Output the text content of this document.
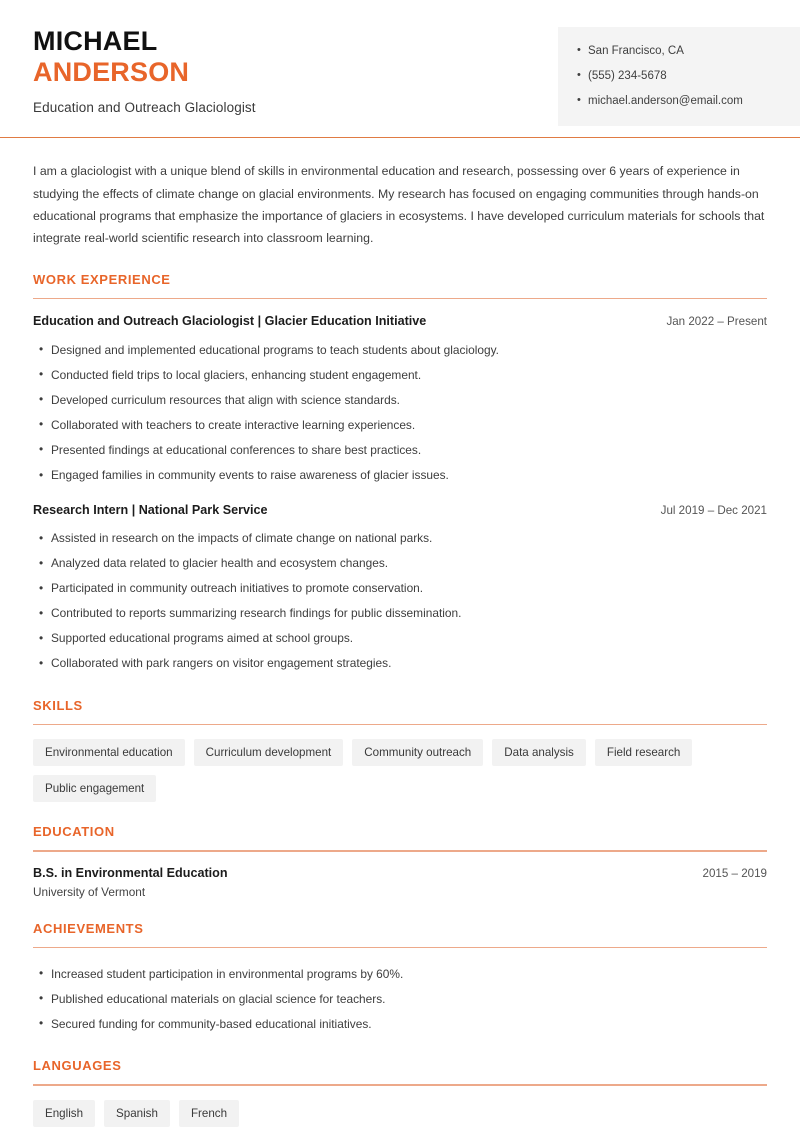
MICHAEL
ANDERSON
Education and Outreach Glaciologist
• San Francisco, CA
• (555) 234-5678
• michael.anderson@email.com
I am a glaciologist with a unique blend of skills in environmental education and research, possessing over 6 years of experience in studying the effects of climate change on glacial environments. My research has focused on engaging communities through hands-on educational programs that emphasize the importance of glaciers in ecosystems. I have developed curriculum materials for schools that integrate real-world scientific research into classroom learning.
WORK EXPERIENCE
Education and Outreach Glaciologist | Glacier Education Initiative	Jan 2022 – Present
• Designed and implemented educational programs to teach students about glaciology.
• Conducted field trips to local glaciers, enhancing student engagement.
• Developed curriculum resources that align with science standards.
• Collaborated with teachers to create interactive learning experiences.
• Presented findings at educational conferences to share best practices.
• Engaged families in community events to raise awareness of glacier issues.
Research Intern | National Park Service	Jul 2019 – Dec 2021
• Assisted in research on the impacts of climate change on national parks.
• Analyzed data related to glacier health and ecosystem changes.
• Participated in community outreach initiatives to promote conservation.
• Contributed to reports summarizing research findings for public dissemination.
• Supported educational programs aimed at school groups.
• Collaborated with park rangers on visitor engagement strategies.
SKILLS
Environmental education	Curriculum development	Community outreach	Data analysis	Field research
Public engagement
EDUCATION
B.S. in Environmental Education	2015 – 2019
University of Vermont
ACHIEVEMENTS
• Increased student participation in environmental programs by 60%.
• Published educational materials on glacial science for teachers.
• Secured funding for community-based educational initiatives.
LANGUAGES
English	Spanish	French
